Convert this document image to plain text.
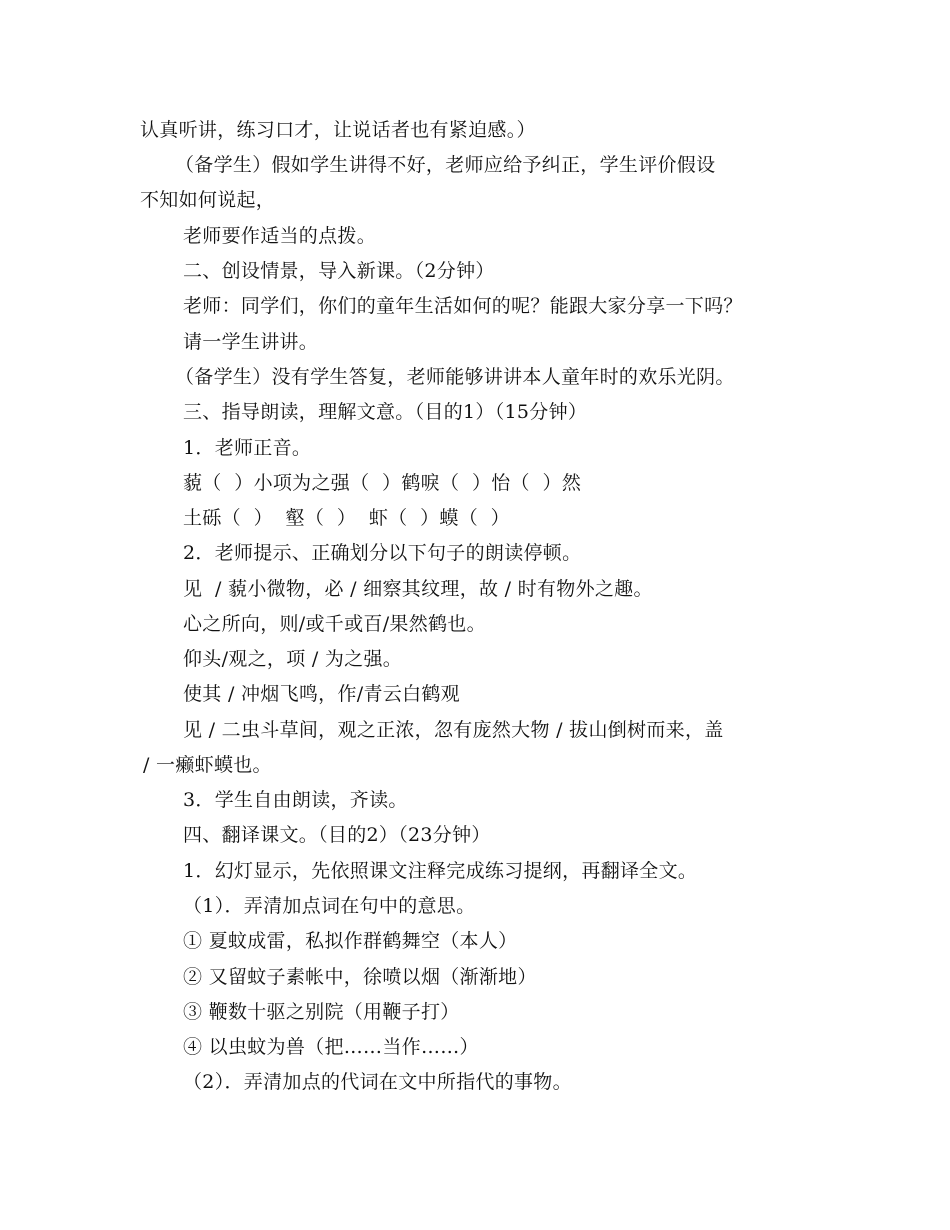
认真听讲，练习口才，让说话者也有紧迫感。）
（备学生）假如学生讲得不好，老师应给予纠正，学生评价假设
不知如何说起，
老师要作适当的点拨。
二、创设情景，导入新课。（2分钟）
老师：同学们，你们的童年生活如何的呢？能跟大家分享一下吗？
请一学生讲讲。
（备学生）没有学生答复，老师能够讲讲本人童年时的欢乐光阴。
三、指导朗读，理解文意。（目的1）（15分钟）
1．老师正音。
藐（  ）小项为之强（  ）鹤唳（  ）怡（  ）然
土砾（  ）  壑（  ）  虾（  ）蟆（  ）
2．老师提示、正确划分以下句子的朗读停顿。
见  / 藐小微物，必 / 细察其纹理，故 / 时有物外之趣。
心之所向，则/或千或百/果然鹤也。
仰头/观之，项 / 为之强。
使其 / 冲烟飞鸣，作/青云白鹤观
见 / 二虫斗草间，观之正浓，忽有庞然大物 / 拔山倒树而来，盖
/ 一癞虾蟆也。
3．学生自由朗读，齐读。
四、翻译课文。（目的2）（23分钟）
1．幻灯显示，先依照课文注释完成练习提纲，再翻译全文。
（1）．弄清加点词在句中的意思。
① 夏蚊成雷，私拟作群鹤舞空（本人）
② 又留蚊子素帐中，徐喷以烟（渐渐地）
③ 鞭数十驱之别院（用鞭子打）
④ 以虫蚊为兽（把……当作……）
（2）．弄清加点的代词在文中所指代的事物。
